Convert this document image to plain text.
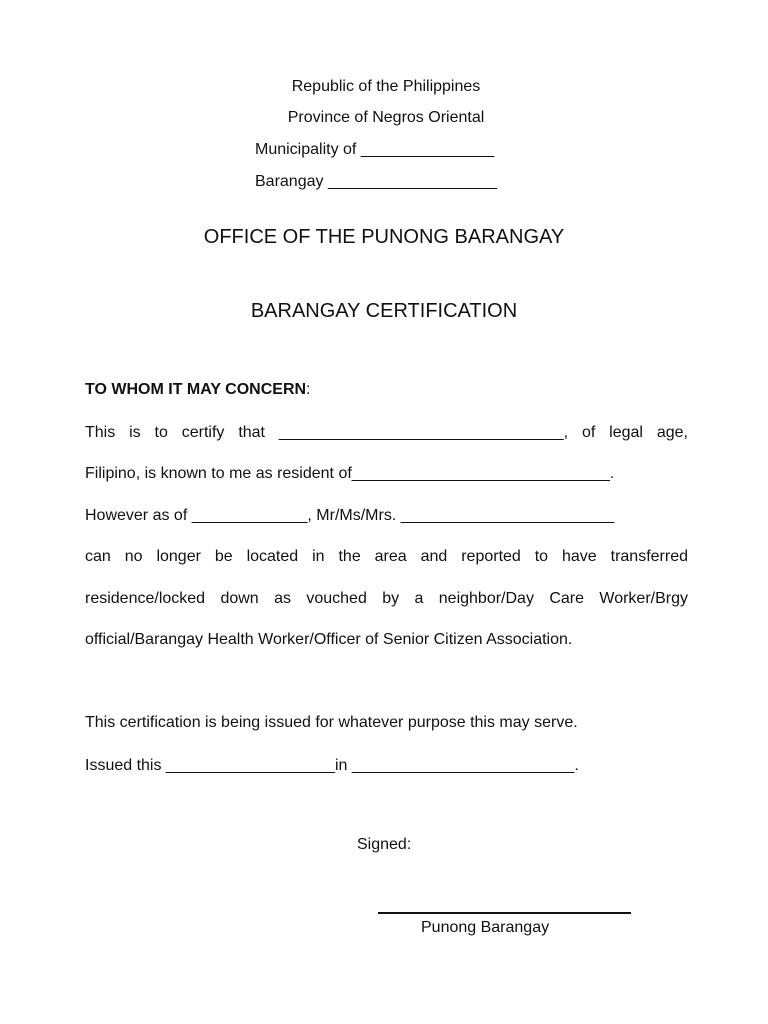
Republic of the Philippines
Province of Negros Oriental
Municipality of _______________
Barangay ___________________
OFFICE OF THE PUNONG BARANGAY
BARANGAY CERTIFICATION
TO WHOM IT MAY CONCERN:
This is to certify that ________________________________, of legal age,
Filipino, is known to me as resident of_____________________________.
However as of _____________, Mr/Ms/Mrs. ________________________
can no longer be located in the area and reported to have transferred
residence/locked down as vouched by a neighbor/Day Care Worker/Brgy
official/Barangay Health Worker/Officer of Senior Citizen Association.
This certification is being issued for whatever purpose this may serve.
Issued this ___________________in _________________________.
Signed:
Punong Barangay
